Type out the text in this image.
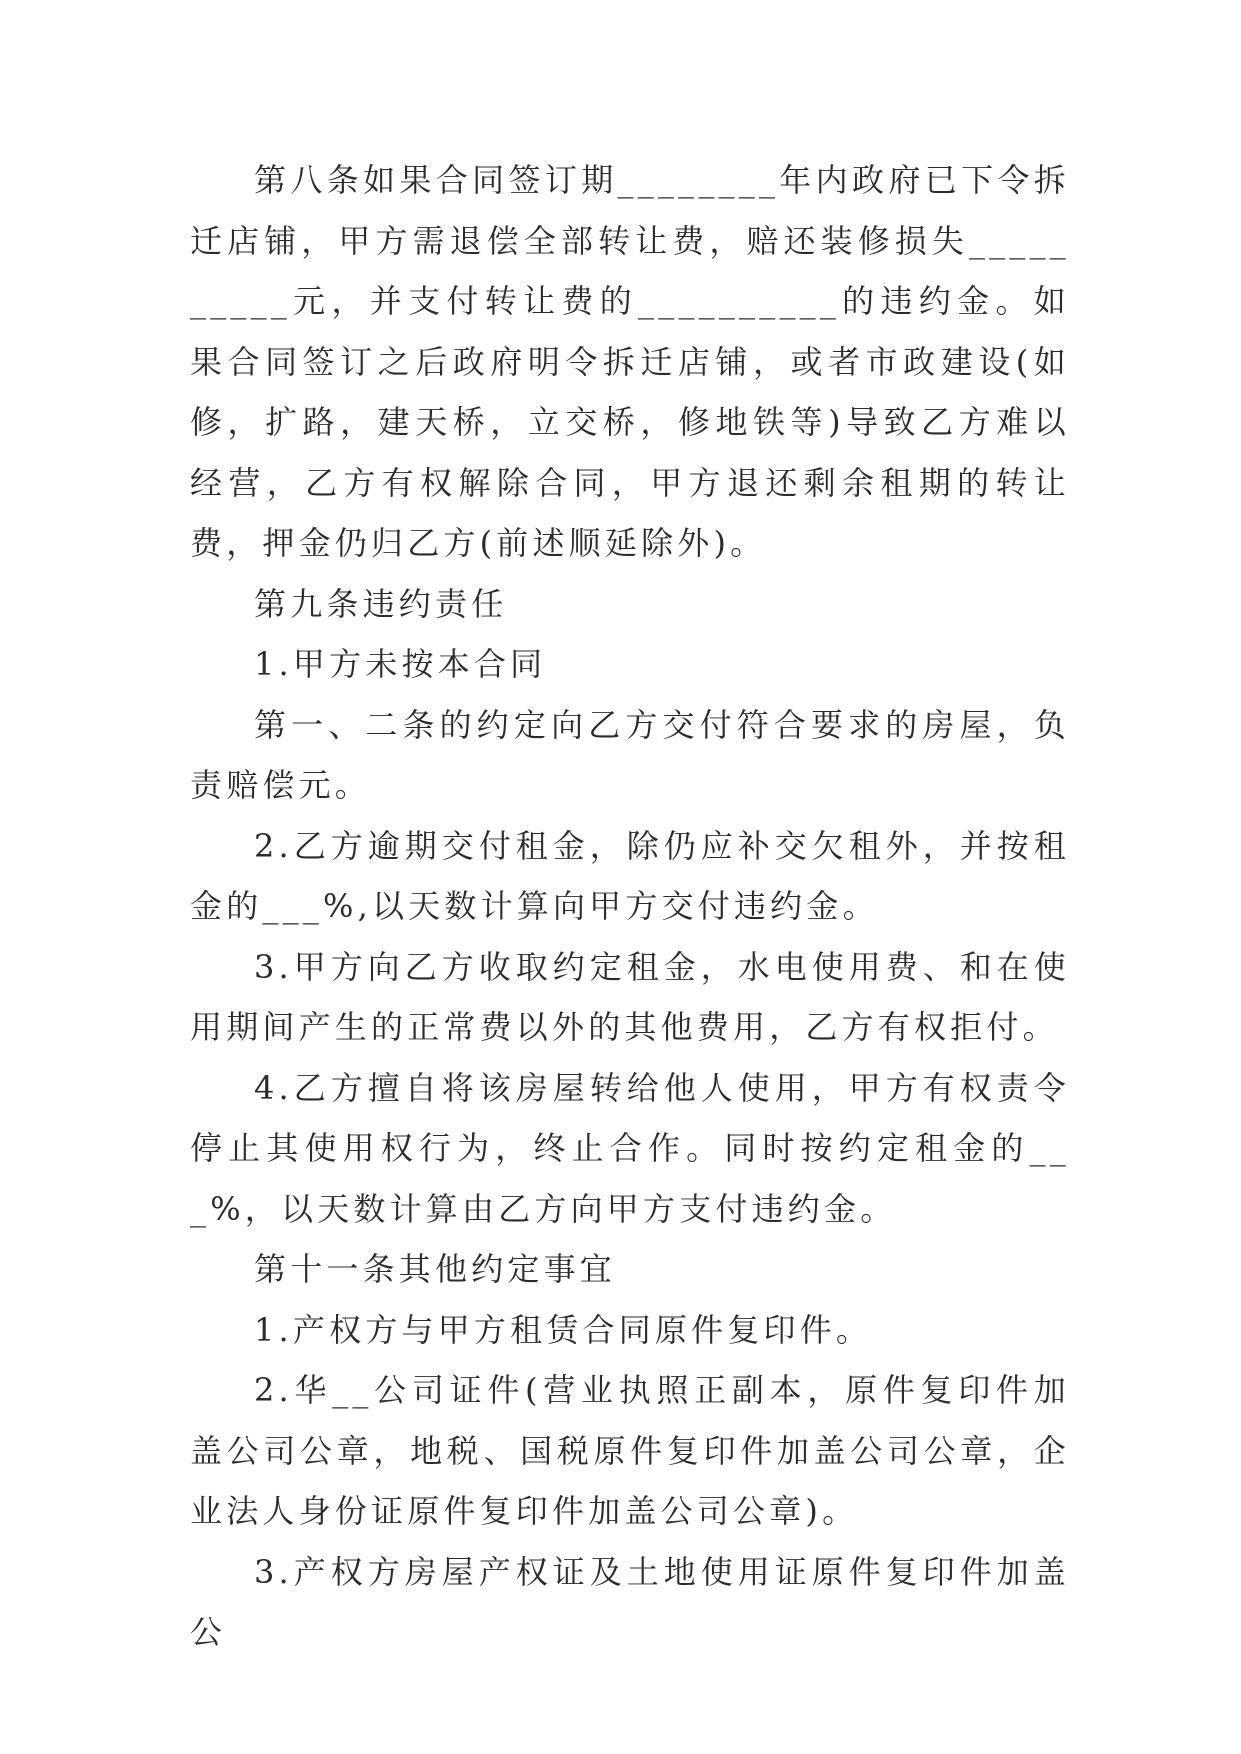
第八条如果合同签订期________年内政府已下令拆迁店铺，甲方需退偿全部转让费，赔还装修损失__________元，并支付转让费的__________的违约金。如果合同签订之后政府明令拆迁店铺，或者市政建设(如修，扩路，建天桥，立交桥，修地铁等)导致乙方难以经营，乙方有权解除合同，甲方退还剩余租期的转让费，押金仍归乙方(前述顺延除外)。

第九条违约责任

1.甲方未按本合同

第一、二条的约定向乙方交付符合要求的房屋，负责赔偿元。

2.乙方逾期交付租金，除仍应补交欠租外，并按租金的___%,以天数计算向甲方交付违约金。

3.甲方向乙方收取约定租金，水电使用费、和在使用期间产生的正常费以外的其他费用，乙方有权拒付。

4.乙方擅自将该房屋转给他人使用，甲方有权责令停止其使用权行为，终止合作。同时按约定租金的___%，以天数计算由乙方向甲方支付违约金。

第十一条其他约定事宜

1.产权方与甲方租赁合同原件复印件。

2.华__公司证件(营业执照正副本，原件复印件加盖公司公章，地税、国税原件复印件加盖公司公章，企业法人身份证原件复印件加盖公司公章)。

3.产权方房屋产权证及土地使用证原件复印件加盖公
